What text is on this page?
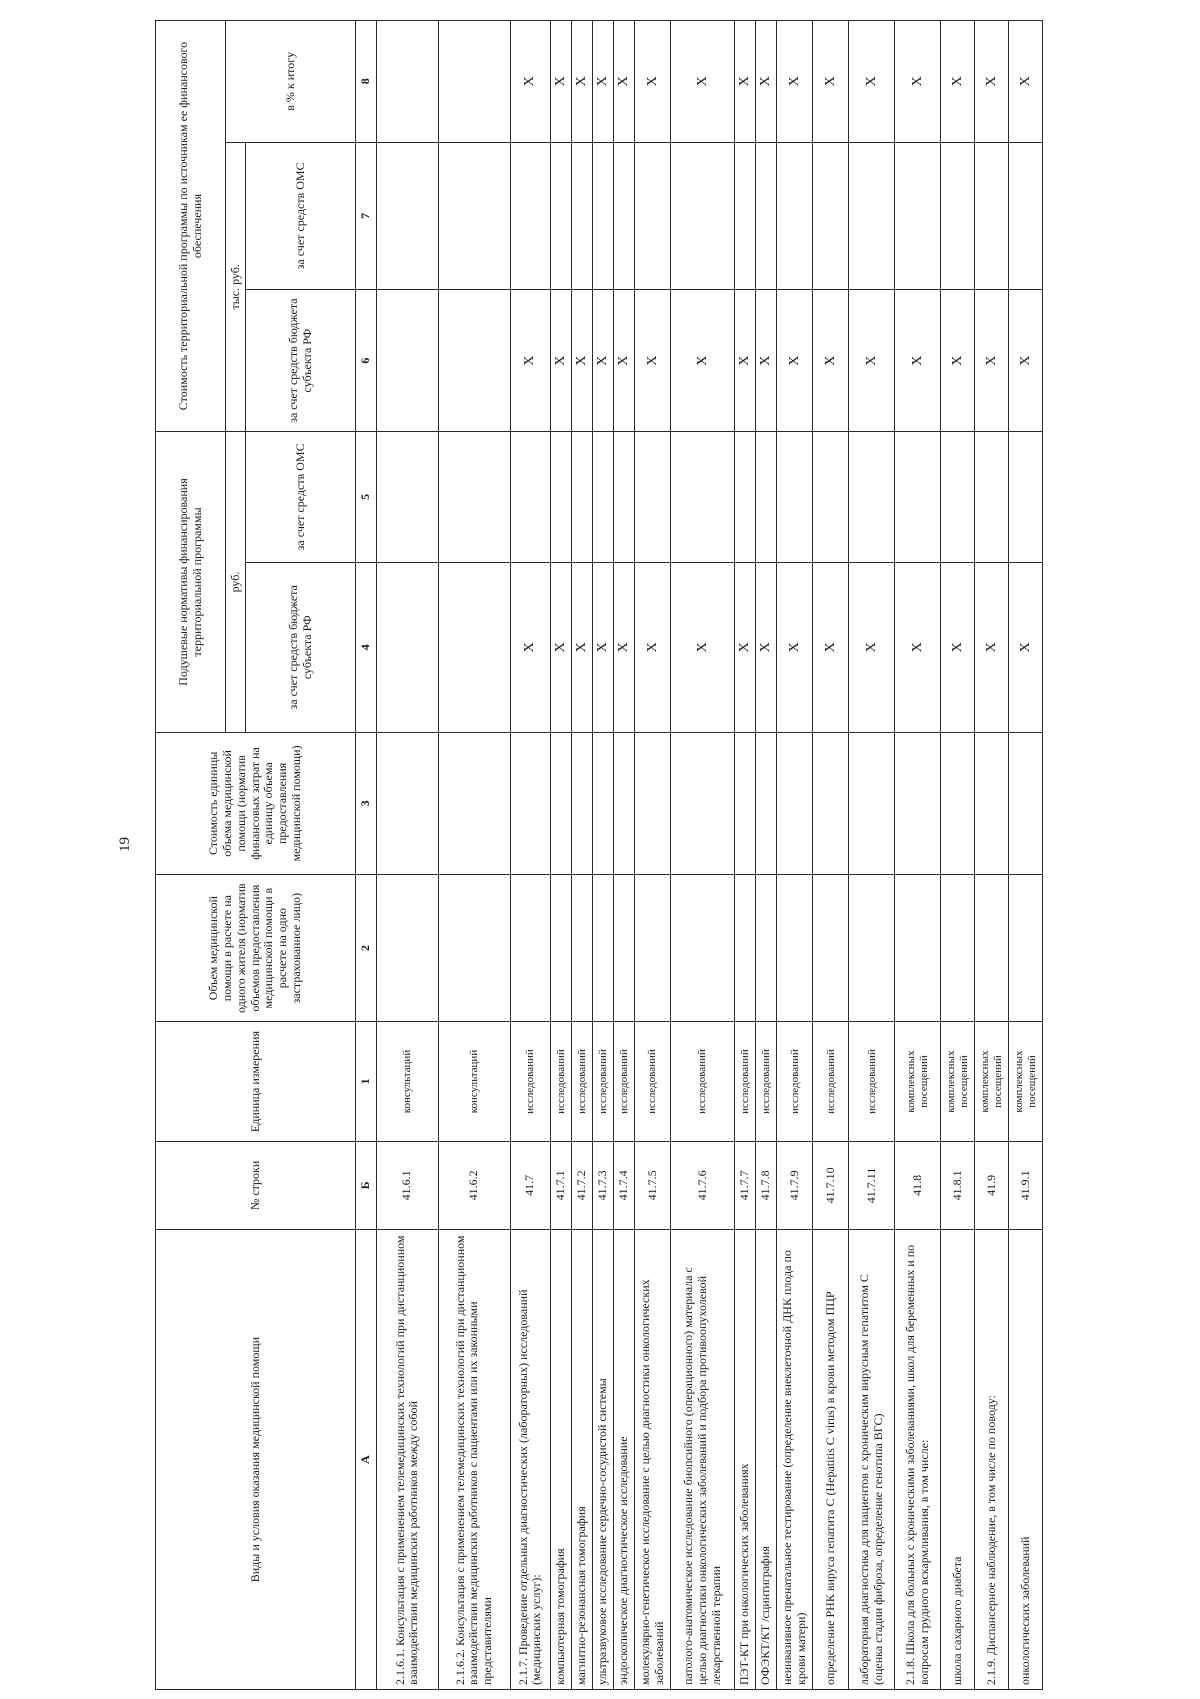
19
Виды и условия оказания медицинской помощи	№ строки	Единица измерения	Объем медицинской помощи в расчете на одного жителя (норматив объемов предоставления медицинской помощи в расчете на одно застрахованное лицо)	Стоимость единицы объема медицинской помощи (норматив финансовых затрат на единицу объема предоставления медицинской помощи)	Подушевые нормативы финансирования территориальной программы		Стоимость территориальной программы по источникам ее финансового обеспечения		
					руб.		тыс. руб.		в % к итогу
					за счет средств бюджета субъекта РФ	за счет средств ОМС	за счет средств бюджета субъекта РФ	за счет средств ОМС	
А	Б	1	2	3	4	5	6	7	8
2.1.6.1. Консультация с применением телемедицинских технологий при дистанционном взаимодействии медицинских работников между собой	41.6.1	консультаций							
2.1.6.2. Консультация с применением телемедицинских технологий при дистанционном взаимодействии медицинских работников с пациентами или их законными представителями	41.6.2	консультаций							
2.1.7. Проведение отдельных диагностических (лабораторных) исследований (медицинских услуг):	41.7	исследований			X		X		X
компьютерная томография	41.7.1	исследований			X		X		X
магнитно-резонансная томография	41.7.2	исследований			X		X		X
ультразвуковое исследование сердечно-сосудистой системы	41.7.3	исследований			X		X		X
эндоскопическое диагностическое исследование	41.7.4	исследований			X		X		X
молекулярно-генетическое исследование с целью диагностики онкологических заболеваний	41.7.5	исследований			X		X		X
патолого-анатомическое исследование биопсийного (операционного) материала с целью диагностики онкологических заболеваний и подбора противоопухолевой лекарственной терапии	41.7.6	исследований			X		X		X
ПЭТ-КТ при онкологических заболеваниях	41.7.7	исследований			X		X		X
ОФЭКТ/КТ /сцинтиграфия	41.7.8	исследований			X		X		X
неинвазивное пренатальное тестирование (определение внеклеточной ДНК плода по крови матери)	41.7.9	исследований			X		X		X
определение РНК вируса гепатита С (Hepatitis C virus) в крови методом ПЦР	41.7.10	исследований			X		X		X
лабораторная диагностика для пациентов с хроническим вирусным гепатитом С (оценка стадии фиброза, определение генотипа ВГС)	41.7.11	исследований			X		X		X
2.1.8. Школа для больных с хроническими заболеваниями, школ для беременных и по вопросам грудного вскармливания, в том числе:	41.8	комплексных посещений			X		X		X
школа сахарного диабета	41.8.1	комплексных посещений			X		X		X
2.1.9. Диспансерное наблюдение, в том числе по поводу:	41.9	комплексных посещений			X		X		X
онкологических заболеваний	41.9.1	комплексных посещений			X		X		X
